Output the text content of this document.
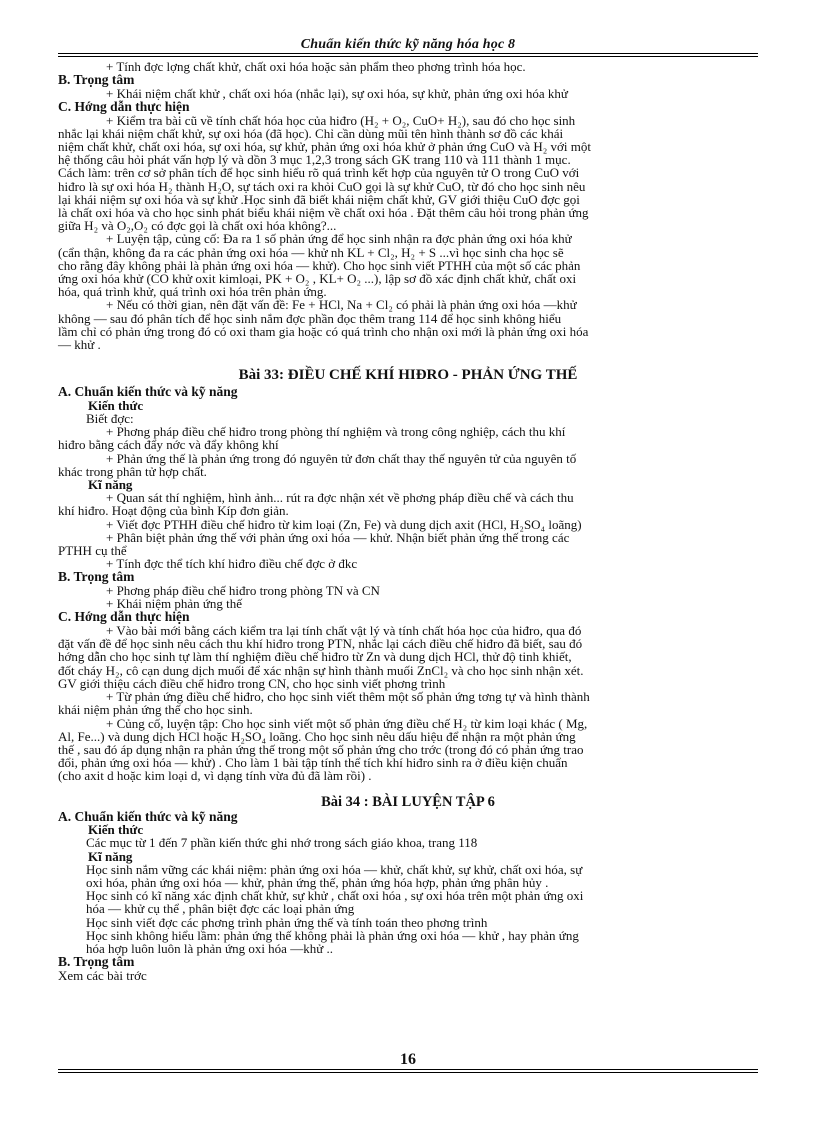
Chuẩn kiến thức kỹ năng hóa học 8
+ Tính đợc lợng chất khử, chất oxi hóa hoặc sản phẩm theo phơng trình hóa học.
B. Trọng tâm
+ Khái niệm chất khử , chất oxi hóa (nhắc lại), sự oxi hóa, sự khử, phản ứng oxi hóa khử
C. Hớng dẫn thực hiện
+ Kiểm tra bài cũ về tính chất hóa học của hiđro (H₂ + O₂, CuO+ H₂), sau đó cho học sinh
nhắc lại khái niệm chất khử, sự oxi hóa (đã học). Chỉ cần dùng mũi tên hình thành sơ đồ các khái
niệm chất khử, chất oxi hóa, sự oxi hóa, sự khử, phản ứng oxi hóa khử ở phản ứng CuO và H₂ với một
hệ thống câu hỏi phát vấn hợp lý và dồn 3 mục 1,2,3 trong sách GK trang 110 và 111 thành 1 mục.
Cách làm: trên cơ sở phân tích để học sinh hiểu rõ quá trình kết hợp của nguyên tử O trong CuO với
hiđro là sự oxi hóa H₂ thành H₂O, sự tách oxi ra khỏi CuO gọi là sự khử CuO, từ đó cho học sinh nêu
lại khái niệm sự oxi hóa và sự khử .Học sinh đã biết khái niệm chất khử, GV giới thiệu CuO đợc gọi
là chất oxi hóa và cho học sinh phát biểu khái niệm về chất oxi hóa . Đặt thêm câu hỏi trong phản ứng
giữa H₂ và O₂,O₂ có đợc gọi là chất oxi hóa không?...
+ Luyện tập, củng cố: Đa ra 1 số phản ứng để học sinh nhận ra đợc phản ứng oxi hóa khử
(cẩn thận, không đa ra các phản ứng oxi hóa — khử nh KL + Cl₂, H₂ + S ...vì học sinh cha học sẽ
cho rằng đây không phải là phản ứng oxi hóa — khử). Cho học sinh viết PTHH của một số các phản
ứng oxi hóa khử (CO khử oxit kimloại, PK + O₂ , KL+ O₂ ...), lập sơ đồ xác định chất khử, chất oxi
hóa, quá trình khử, quá trình oxi hóa trên phản ứng.
+ Nếu có thời gian, nên đặt vấn đề: Fe + HCl, Na + Cl₂ có phải là phản ứng oxi hóa —khử
không — sau đó phân tích để học sinh nắm đợc phần đọc thêm trang 114 để học sinh không hiểu
lầm chỉ có phản ứng trong đó có oxi tham gia hoặc có quá trình cho nhận oxi mới là phản ứng oxi hóa
— khử .
Bài 33: ĐIỀU CHẾ KHÍ HIĐRO - PHẢN ỨNG THẾ
A. Chuẩn kiến thức và kỹ năng
Kiến thức
Biết đợc:
+ Phơng pháp điều chế hiđro trong phòng thí nghiệm và trong công nghiệp, cách thu khí
hiđro bằng cách đẩy nớc và đẩy không khí
+ Phản ứng thế là phản ứng trong đó nguyên tử đơn chất thay thế nguyên tử của nguyên tố
khác trong phân tử hợp chất.
Kĩ năng
+ Quan sát thí nghiệm, hình ảnh... rút ra đợc nhận xét về phơng pháp điều chế và cách thu
khí hiđro. Hoạt động của bình Kíp đơn giản.
+ Viết đợc PTHH điều chế hiđro từ kim loại (Zn, Fe) và dung dịch axit (HCl, H₂SO₄ loãng)
+ Phân biệt phản ứng thế với phản ứng oxi hóa — khử. Nhận biết phản ứng thế trong các
PTHH cụ thể
+ Tính đợc thể tích khí hiđro điều chế đợc ở đkc
B. Trọng tâm
+ Phơng pháp điều chế hiđro trong phòng TN và CN
+ Khái niệm phản ứng thế
C. Hớng dẫn thực hiện
+ Vào bài mới bằng cách kiểm tra lại tính chất vật lý và tính chất hóa học của hiđro, qua đó
đặt vấn đề để học sinh nêu cách thu khí hiđro trong PTN, nhắc lại cách điều chế hiđro đã biết, sau đó
hớng dẫn cho học sinh tự làm thí nghiệm điều chế hiđro từ Zn và dung dịch HCl, thử độ tinh khiết,
đốt cháy H₂, cô cạn dung dịch muối để xác nhận sự hình thành muối ZnCl₂ và cho học sinh nhận xét.
GV giới thiệu cách điều chế hiđro trong CN, cho học sinh viết phơng trình
+ Từ phản ứng điều chế hiđro, cho học sinh viết thêm một số phản ứng tơng tự và hình thành
khái niệm phản ứng thế cho học sinh.
+ Củng cố, luyện tập: Cho học sinh viết một số phản ứng điều chế H₂ từ kim loại khác ( Mg,
Al, Fe...) và dung dịch HCl hoặc H₂SO₄ loãng. Cho học sinh nêu dấu hiệu để nhận ra một phản ứng
thế , sau đó áp dụng nhận ra phản ứng thế trong một số phản ứng cho trớc (trong đó có phản ứng trao
đổi, phản ứng oxi hóa — khử) . Cho làm 1 bài tập tính thể tích khí hiđro sinh ra ở điều kiện chuẩn
(cho axit d hoặc kim loại d, vì dạng tính vừa đủ đã làm rồi) .
Bài 34 : BÀI LUYỆN TẬP 6
A. Chuẩn kiến thức và kỹ năng
Kiến thức
Các mục từ 1 đến 7 phần kiến thức ghi nhớ trong sách giáo khoa, trang 118
Kĩ năng
Học sinh nắm vững các khái niệm: phản ứng oxi hóa — khử, chất khử, sự khử, chất oxi hóa, sự
oxi hóa, phản ứng oxi hóa — khử, phản ứng thế, phản ứng hóa hợp, phản ứng phân hủy .
Học sinh có kĩ năng xác định chất khử, sự khử , chất oxi hóa , sự oxi hóa trên một phản ứng oxi
hóa — khử cụ thể , phân biệt đợc các loại phản ứng
Học sinh viết đợc các phơng trình phản ứng thế và tính toán theo phơng trình
Học sinh không hiểu lầm: phản ứng thế không phải là phản ứng oxi hóa — khử , hay phản ứng
hóa hợp luôn luôn là phản ứng oxi hóa —khử ..
B. Trọng tâm
Xem các bài trớc
16
